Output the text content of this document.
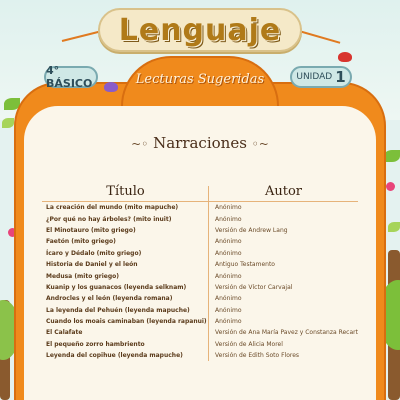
Lenguaje
Lecturas Sugeridas
4° BÁSICO	UNIDAD 1
~◦ Narraciones ◦~
Título	Autor
La creación del mundo (mito mapuche)	Anónimo
¿Por qué no hay árboles? (mito inuit)	Anónimo
El Minotauro (mito griego)	Versión de Andrew Lang
Faetón (mito griego)	Anónimo
Ícaro y Dédalo (mito griego)	Anónimo
Historia de Daniel y el león	Antiguo Testamento
Medusa (mito griego)	Anónimo
Kuanip y los guanacos (leyenda selknam)	Versión de Víctor Carvajal
Androcles y el león (leyenda romana)	Anónimo
La leyenda del Pehuén (leyenda mapuche)	Anónimo
Cuando los moais caminaban (leyenda rapanui)	Anónimo
El Calafate	Versión de Ana María Pavez y Constanza Recart
El pequeño zorro hambriento	Versión de Alicia Morel
Leyenda del copihue (leyenda mapuche)	Versión de Edith Soto Flores
